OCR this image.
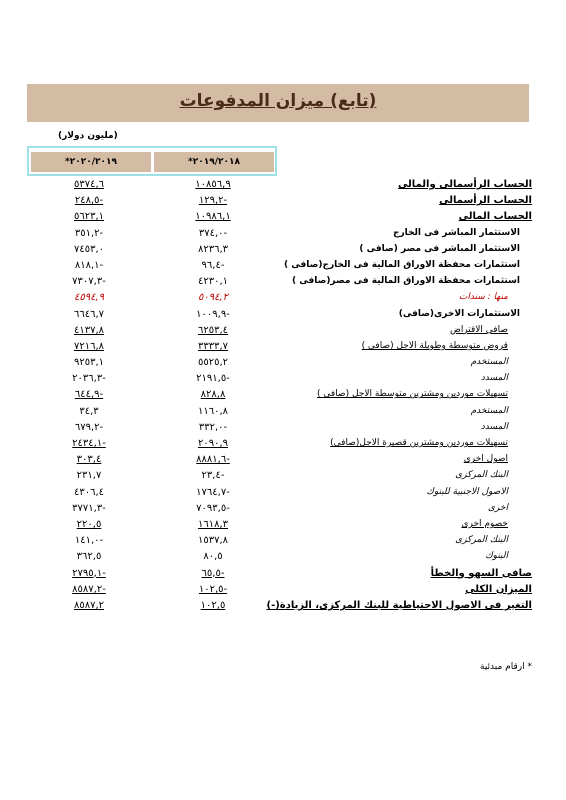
(تابع) ميزان المدفوعات
(مليون دولار)
*٢٠٢٠/٢٠١٩	*٢٠١٩/٢٠١٨
الحساب الرأسمالى والمالى
١٠٨٥٦,٩
٥٣٧٤,٦
الحساب الرأسمالى
١٢٩,٢-
٢٤٨,٥-
الحساب المالى
١٠٩٨٦,١
٥٦٢٣,١
الاستثمار المباشر فى الخارج
٣٧٤,٠-
٣٥١,٢-
الاستثمار المباشر فى مصر (صافى )
٨٢٣٦,٣
٧٤٥٣,٠
استثمارات محفظة الاوراق المالية فى الخارج(صافى )
٩٦,٤-
٨١٨,١-
استثمارات محفظة الاوراق المالية فى مصر(صافى )
٤٢٣٠,١
٧٣٠٧,٣-
منها : سندات
٥٠٩٤,٢
٤٥٩٤,٩
الاستثمارات الاخرى(صافى)
١٠٠٩,٩-
٦٦٤٦,٧
صافى الاقتراض
٦٢٥٣,٤
٤١٣٧,٨
قروض متوسطة وطويلة الاجل (صافى )
٣٣٣٣,٧
٧٢١٦,٨
المستخدم
٥٥٢٥,٢
٩٢٥٣,١
المسدد
٢١٩١,٥-
٢٠٣٦,٣-
تسهيلات موردين ومشترين متوسطة الاجل (صافى )
٨٢٨,٨
٦٤٤,٩-
المستخدم
١١٦٠,٨
٣٤,٣
المسدد
٣٣٢,٠-
٦٧٩,٢-
تسهيلات موردين ومشترين قصيرة الاجل(صافى)
٢٠٩٠,٩
٢٤٣٤,١-
اصول اخرى
٨٨٨١,٦-
٣٠٣,٤
البنك المركزى
٢٣,٤-
٢٣١,٧
الاصول الاجنبية للبنوك
١٧٦٤,٧-
٤٣٠٦,٤
اخرى
٧٠٩٣,٥-
٣٧٧١,٣-
خصوم اخرى
١٦١٨,٣
٢٢٠,٥
البنك المركزى
١٥٣٧,٨
١٤١,٠-
البنوك
٨٠,٥
٣٦٢,٥
صافى السهو والخطأ
٦٥,٥-
٢٧٩٥,١-
الميزان الكلى
١٠٢,٥-
٨٥٨٧,٢-
التغير فى الاصول الاحتياطية للبنك المركزى، الزيادة(-)
١٠٢,٥
٨٥٨٧,٢
* ارقام مبدئية
